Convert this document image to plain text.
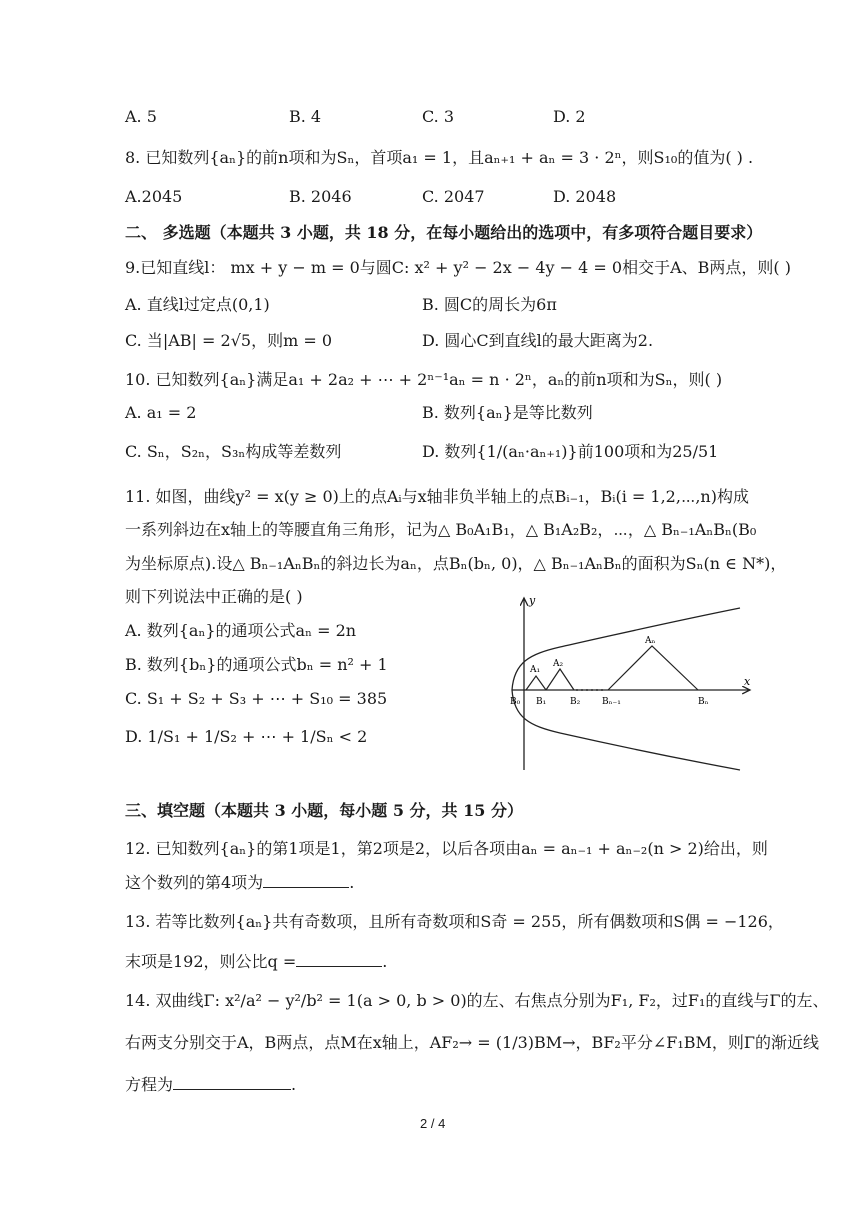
A. 5	B. 4	C. 3	D. 2
8. 已知数列{aₙ}的前n项和为Sₙ，首项a₁ = 1，且aₙ₊₁ + aₙ = 3 · 2ⁿ，则S₁₀的值为( ) .
A.2045	B. 2046	C. 2047	D. 2048
二、 多选题（本题共 3 小题，共 18 分，在每小题给出的选项中，有多项符合题目要求）
9.已知直线l： mx + y − m = 0与圆C: x² + y² − 2x − 4y − 4 = 0相交于A、B两点，则( )
A. 直线l过定点(0,1)	B. 圆C的周长为6π
C. 当|AB| = 2√5，则m = 0	D. 圆心C到直线l的最大距离为2.
10. 已知数列{aₙ}满足a₁ + 2a₂ + ⋯ + 2ⁿ⁻¹aₙ = n · 2ⁿ，aₙ的前n项和为Sₙ，则( )
A. a₁ = 2	B. 数列{aₙ}是等比数列
C. Sₙ，S₂ₙ，S₃ₙ构成等差数列	D. 数列{1/(aₙ·aₙ₊₁)}前100项和为25/51
11. 如图，曲线y² = x(y ≥ 0)上的点Aᵢ与x轴非负半轴上的点Bᵢ₋₁，Bᵢ(i = 1,2,⋯,n)构成
一系列斜边在x轴上的等腰直角三角形，记为△ B₀A₁B₁，△ B₁A₂B₂，⋯，△ Bₙ₋₁AₙBₙ(B₀
为坐标原点).设△ Bₙ₋₁AₙBₙ的斜边长为aₙ，点Bₙ(bₙ, 0)，△ Bₙ₋₁AₙBₙ的面积为Sₙ(n ∈ N*)，
则下列说法中正确的是( )
A. 数列{aₙ}的通项公式aₙ = 2n
B. 数列{bₙ}的通项公式bₙ = n² + 1
C. S₁ + S₂ + S₃ + ⋯ + S₁₀ = 385
D. 1/S₁ + 1/S₂ + ⋯ + 1/Sₙ < 2
y
x
B₀ B₁	B₂ Bₙ₋₁	Bₙ
A₁
A₂
Aₙ
三、填空题（本题共 3 小题，每小题 5 分，共 15 分）
12. 已知数列{aₙ}的第1项是1，第2项是2，以后各项由aₙ = aₙ₋₁ + aₙ₋₂(n > 2)给出，则
这个数列的第4项为	.
13. 若等比数列{aₙ}共有奇数项，且所有奇数项和S奇 = 255，所有偶数项和S偶 = −126，
末项是192，则公比q =	.
14. 双曲线Γ: x²/a² − y²/b² = 1(a > 0, b > 0)的左、右焦点分别为F₁, F₂，过F₁的直线与Γ的左、
右两支分别交于A，B两点，点M在x轴上，AF₂→ = (1/3)BM→，BF₂平分∠F₁BM，则Γ的渐近线
方程为	.
2 / 4
